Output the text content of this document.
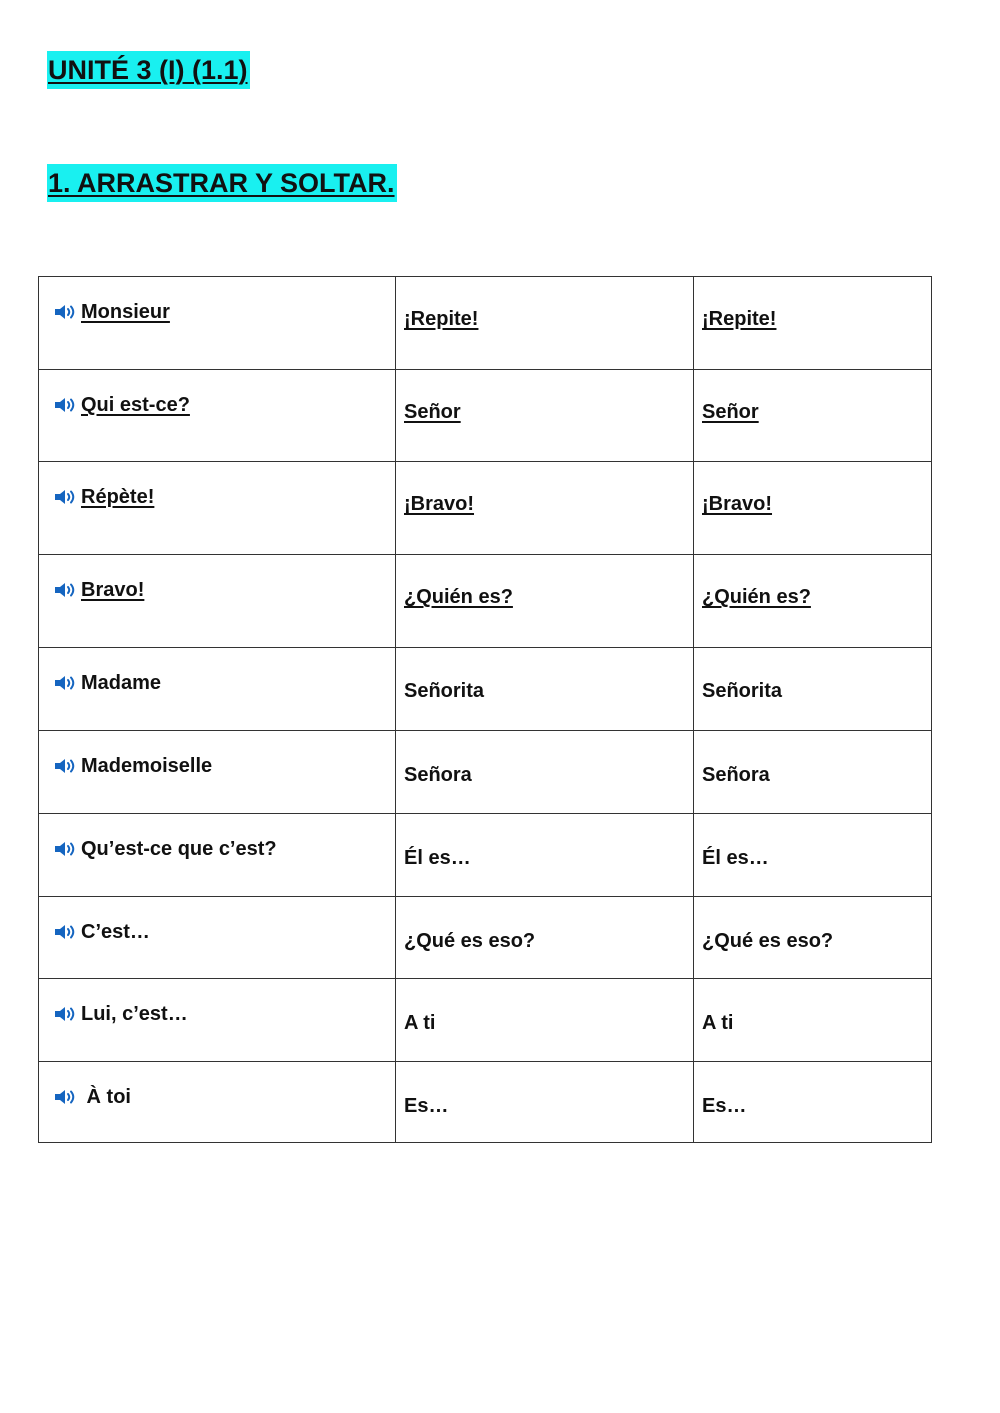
UNITÉ 3 (I) (1.1)
1. ARRASTRAR Y SOLTAR.
Monsieur	¡Repite!	¡Repite!

Qui est-ce?	Señor	Señor

Répète!	¡Bravo!	¡Bravo!

Bravo!	¿Quién es?	¿Quién es?

Madame	Señorita	Señorita

Mademoiselle	Señora	Señora

Qu’est-ce que c’est?	Él es…	Él es…

C’est…	¿Qué es eso?	¿Qué es eso?

Lui, c’est…	A ti	A ti

À toi	Es…	Es…
